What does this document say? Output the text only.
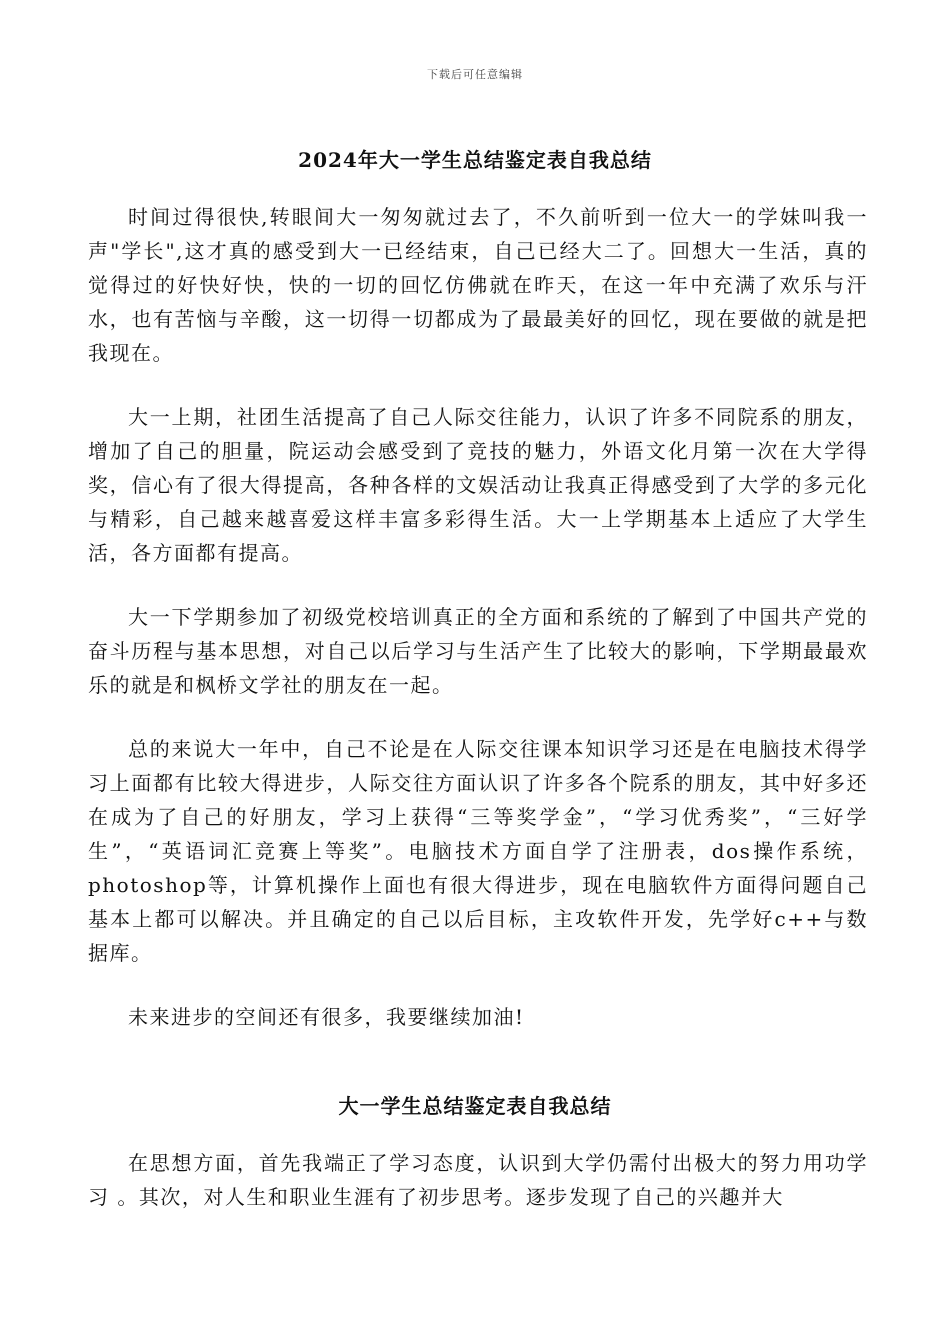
下载后可任意编辑
2024年大一学生总结鉴定表自我总结

时间过得很快,转眼间大一匆匆就过去了，不久前听到一位大一的学妹叫我一声"学长",这才真的感受到大一已经结束，自己已经大二了。回想大一生活，真的觉得过的好快好快，快的一切的回忆仿佛就在昨天，在这一年中充满了欢乐与汗水，也有苦恼与辛酸，这一切得一切都成为了最最美好的回忆，现在要做的就是把我现在。

大一上期，社团生活提高了自己人际交往能力，认识了许多不同院系的朋友，增加了自己的胆量，院运动会感受到了竞技的魅力，外语文化月第一次在大学得奖，信心有了很大得提高，各种各样的文娱活动让我真正得感受到了大学的多元化与精彩，自己越来越喜爱这样丰富多彩得生活。大一上学期基本上适应了大学生活，各方面都有提高。

大一下学期参加了初级党校培训真正的全方面和系统的了解到了中国共产党的奋斗历程与基本思想，对自己以后学习与生活产生了比较大的影响，下学期最最欢乐的就是和枫桥文学社的朋友在一起。

总的来说大一年中，自己不论是在人际交往课本知识学习还是在电脑技术得学习上面都有比较大得进步，人际交往方面认识了许多各个院系的朋友，其中好多还在成为了自己的好朋友，学习上获得“三等奖学金”，“学习优秀奖”，“三好学生”，“英语词汇竞赛上等奖”。电脑技术方面自学了注册表，dos操作系统，photoshop等，计算机操作上面也有很大得进步，现在电脑软件方面得问题自己基本上都可以解决。并且确定的自己以后目标，主攻软件开发，先学好c++与数据库。

未来进步的空间还有很多，我要继续加油!

大一学生总结鉴定表自我总结

在思想方面，首先我端正了学习态度，认识到大学仍需付出极大的努力用功学习 。其次，对人生和职业生涯有了初步思考。逐步发现了自己的兴趣并大
